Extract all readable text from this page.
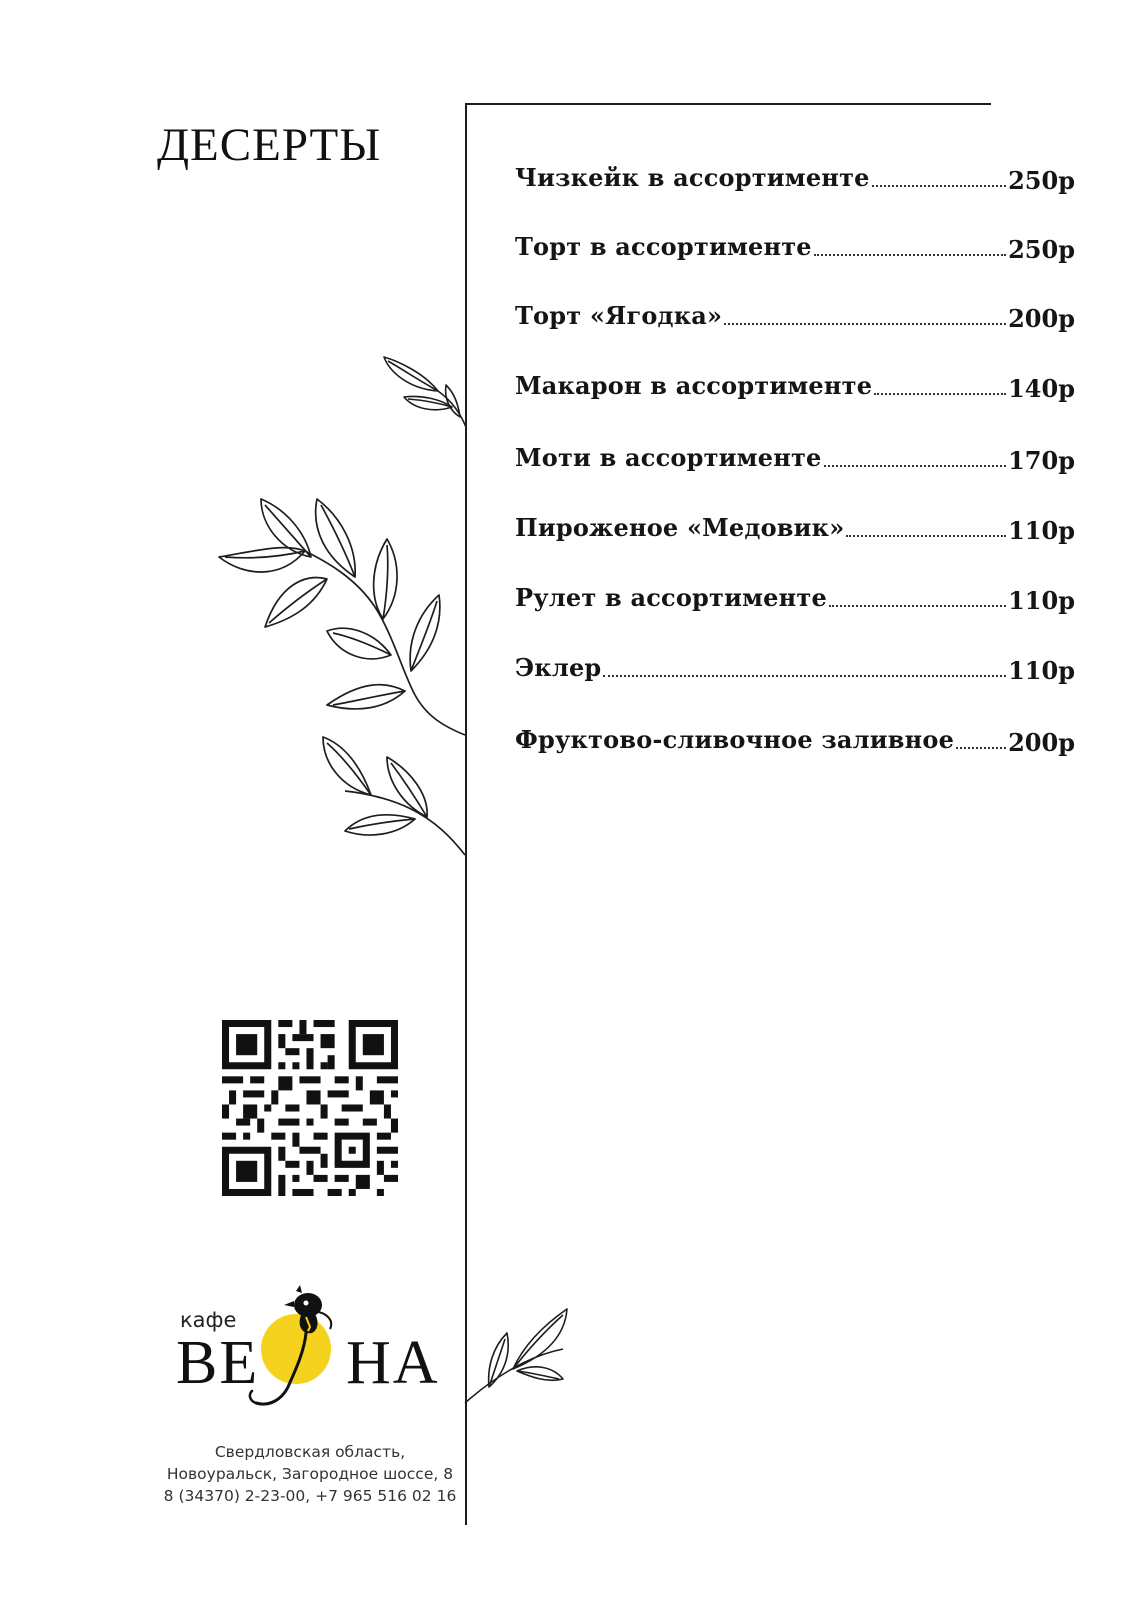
ДЕСЕРТЫ
Чизкейк в ассортименте	250р
Торт в ассортименте	250р
Торт «Ягодка»	200р
Макарон в ассортименте	140р
Моти в ассортименте	170р
Пироженое «Медовик»	110р
Рулет в ассортименте	110р
Эклер	110р
Фруктово-сливочное заливное 200р
кафе
ВЕ НА
Свердловская область,
Новоуральск, Загородное шоссе, 8
8 (34370) 2-23-00, +7 965 516 02 16
